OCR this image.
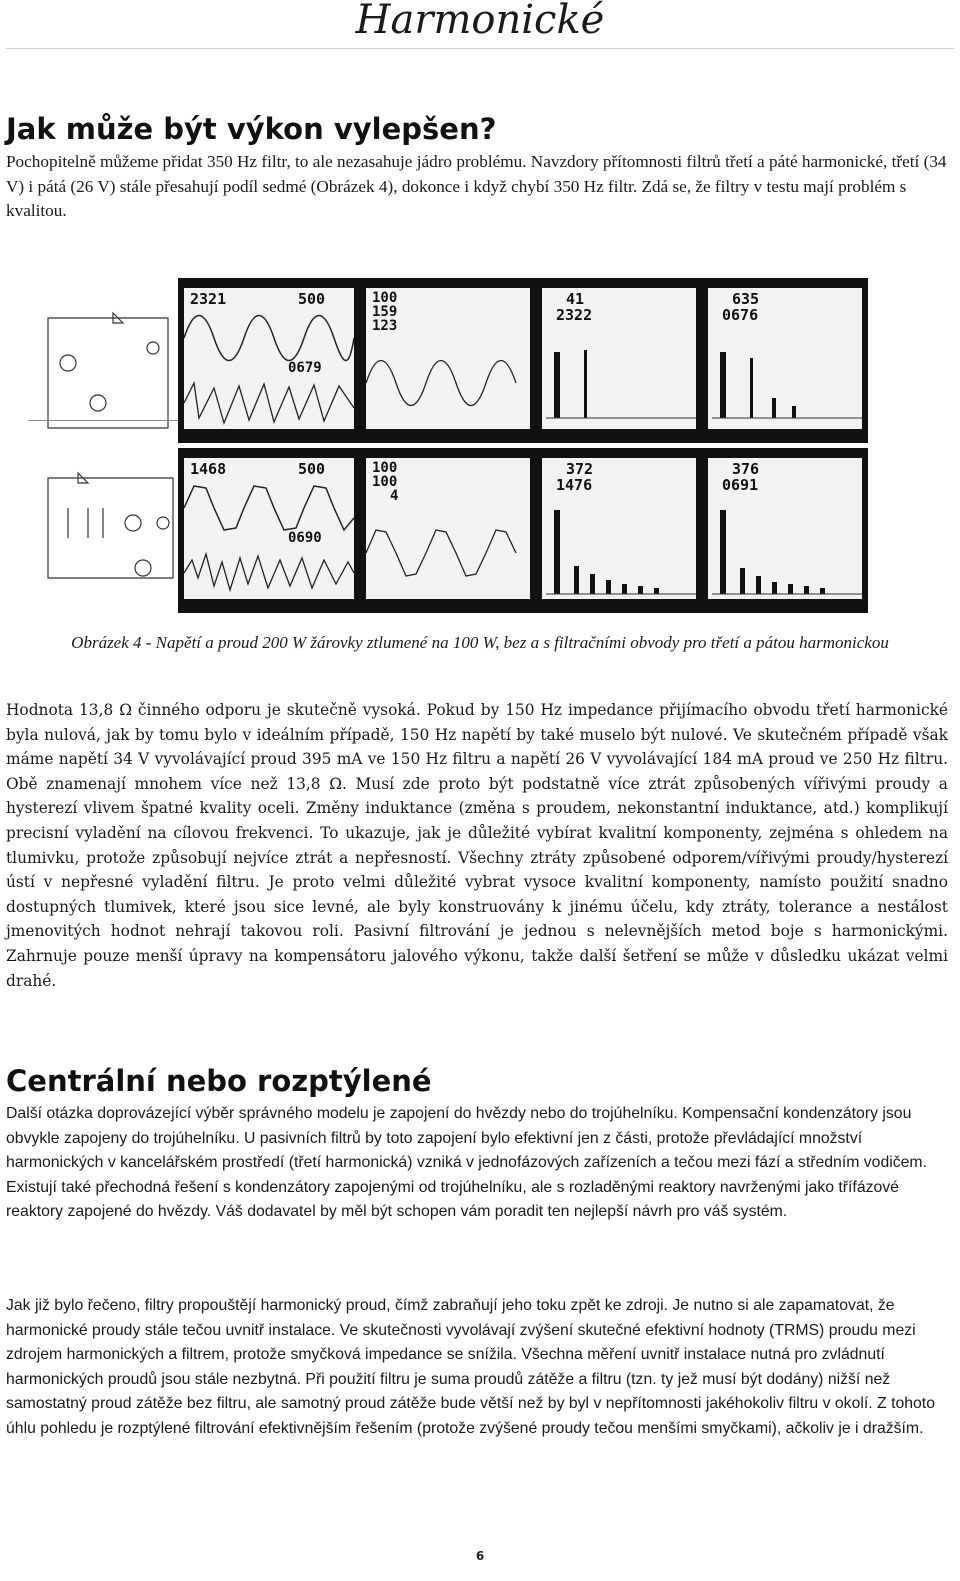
Harmonické
Jak může být výkon vylepšen?

Pochopitelně můžeme přidat 350 Hz filtr, to ale nezasahuje jádro problému. Navzdory přítomnosti filtrů třetí a páté harmonické, třetí (34 V) i pátá (26 V) stále přesahují podíl sedmé (Obrázek 4), dokonce i když chybí 350 Hz filtr. Zdá se, že filtry v testu mají problém s kvalitou.

2321	500
0679
100
159
123
41
2322
635
0676
1468	500
0690
100
100
4
372
1476
376
0691
Obrázek 4 - Napětí a proud 200 W žárovky ztlumené na 100 W, bez a s filtračními obvody pro třetí a pátou harmonickou

Hodnota 13,8 Ω činného odporu je skutečně vysoká. Pokud by 150 Hz impedance přijímacího obvodu třetí harmonické byla nulová, jak by tomu bylo v ideálním případě, 150 Hz napětí by také muselo být nulové. Ve skutečném případě však máme napětí 34 V vyvolávající proud 395 mA ve 150 Hz filtru a napětí 26 V vyvolávající 184 mA proud ve 250 Hz filtru. Obě znamenají mnohem více než 13,8 Ω. Musí zde proto být podstatně více ztrát způsobených vířivými proudy a hysterezí vlivem špatné kvality oceli. Změny induktance (změna s proudem, nekonstantní induktance, atd.) komplikují precisní vyladění na cílovou frekvenci. To ukazuje, jak je důležité vybírat kvalitní komponenty, zejména s ohledem na tlumivku, protože způsobují nejvíce ztrát a nepřesností. Všechny ztráty způsobené odporem/vířivými proudy/hysterezí ústí v nepřesné vyladění filtru. Je proto velmi důležité vybrat vysoce kvalitní komponenty, namísto použití snadno dostupných tlumivek, které jsou sice levné, ale byly konstruovány k jinému účelu, kdy ztráty, tolerance a nestálost jmenovitých hodnot nehrají takovou roli. Pasivní filtrování je jednou s nelevnějších metod boje s harmonickými. Zahrnuje pouze menší úpravy na kompensátoru jalového výkonu, takže další šetření se může v důsledku ukázat velmi drahé.

Centrální nebo rozptýlené

Další otázka doprovázející výběr správného modelu je zapojení do hvězdy nebo do trojúhelníku. Kompensační kondenzátory jsou obvykle zapojeny do trojúhelníku. U pasivních filtrů by toto zapojení bylo efektivní jen z části, protože převládající množství harmonických v kancelářském prostředí (třetí harmonická) vzniká v jednofázových zařízeních a tečou mezi fází a středním vodičem. Existují také přechodná řešení s kondenzátory zapojenými od trojúhelníku, ale s rozladěnými reaktory navrženými jako třífázové reaktory zapojené do hvězdy. Váš dodavatel by měl být schopen vám poradit ten nejlepší návrh pro váš systém.

Jak již bylo řečeno, filtry propouštějí harmonický proud, čímž zabraňují jeho toku zpět ke zdroji. Je nutno si ale zapamatovat, že harmonické proudy stále tečou uvnitř instalace. Ve skutečnosti vyvolávají zvýšení skutečné efektivní hodnoty (TRMS) proudu mezi zdrojem harmonických a filtrem, protože smyčková impedance se snížila. Všechna měření uvnitř instalace nutná pro zvládnutí harmonických proudů jsou stále nezbytná. Při použití filtru je suma proudů zátěže a filtru (tzn. ty jež musí být dodány) nižší než samostatný proud zátěže bez filtru, ale samotný proud zátěže bude větší než by byl v nepřítomnosti jakéhokoliv filtru v okolí. Z tohoto úhlu pohledu je rozptýlené filtrování efektivnějším řešením (protože zvýšené proudy tečou menšími smyčkami), ačkoliv je i dražším.

6
